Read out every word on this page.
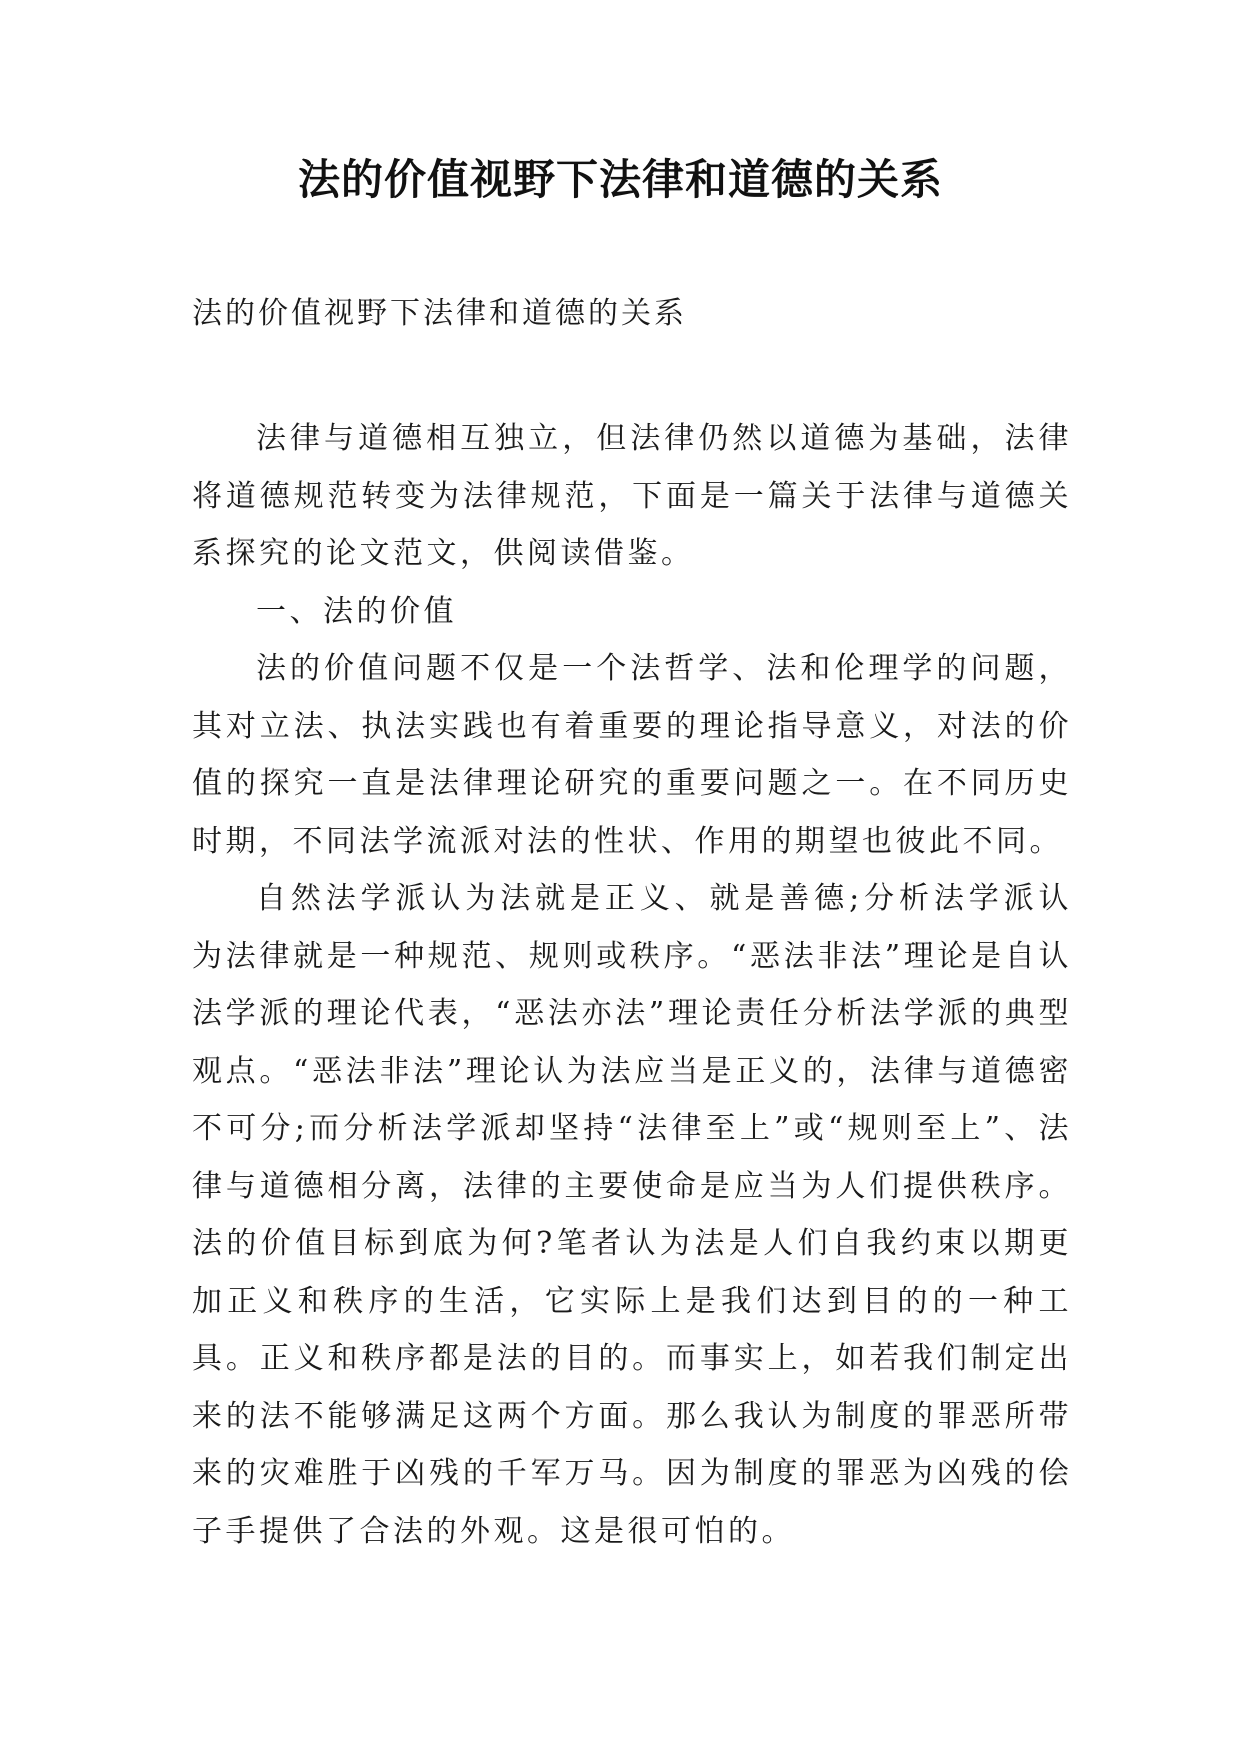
法的价值视野下法律和道德的关系

法的价值视野下法律和道德的关系

法律与道德相互独立，但法律仍然以道德为基础，法律将道德规范转变为法律规范，下面是一篇关于法律与道德关系探究的论文范文，供阅读借鉴。

一、法的价值

法的价值问题不仅是一个法哲学、法和伦理学的问题，其对立法、执法实践也有着重要的理论指导意义，对法的价值的探究一直是法律理论研究的重要问题之一。在不同历史时期，不同法学流派对法的性状、作用的期望也彼此不同。

自然法学派认为法就是正义、就是善德;分析法学派认为法律就是一种规范、规则或秩序。“恶法非法”理论是自认法学派的理论代表，“恶法亦法”理论责任分析法学派的典型观点。“恶法非法”理论认为法应当是正义的，法律与道德密不可分;而分析法学派却坚持“法律至上”或“规则至上”、法律与道德相分离，法律的主要使命是应当为人们提供秩序。法的价值目标到底为何?笔者认为法是人们自我约束以期更加正义和秩序的生活，它实际上是我们达到目的的一种工具。正义和秩序都是法的目的。而事实上，如若我们制定出来的法不能够满足这两个方面。那么我认为制度的罪恶所带来的灾难胜于凶残的千军万马。因为制度的罪恶为凶残的侩子手提供了合法的外观。这是很可怕的。
